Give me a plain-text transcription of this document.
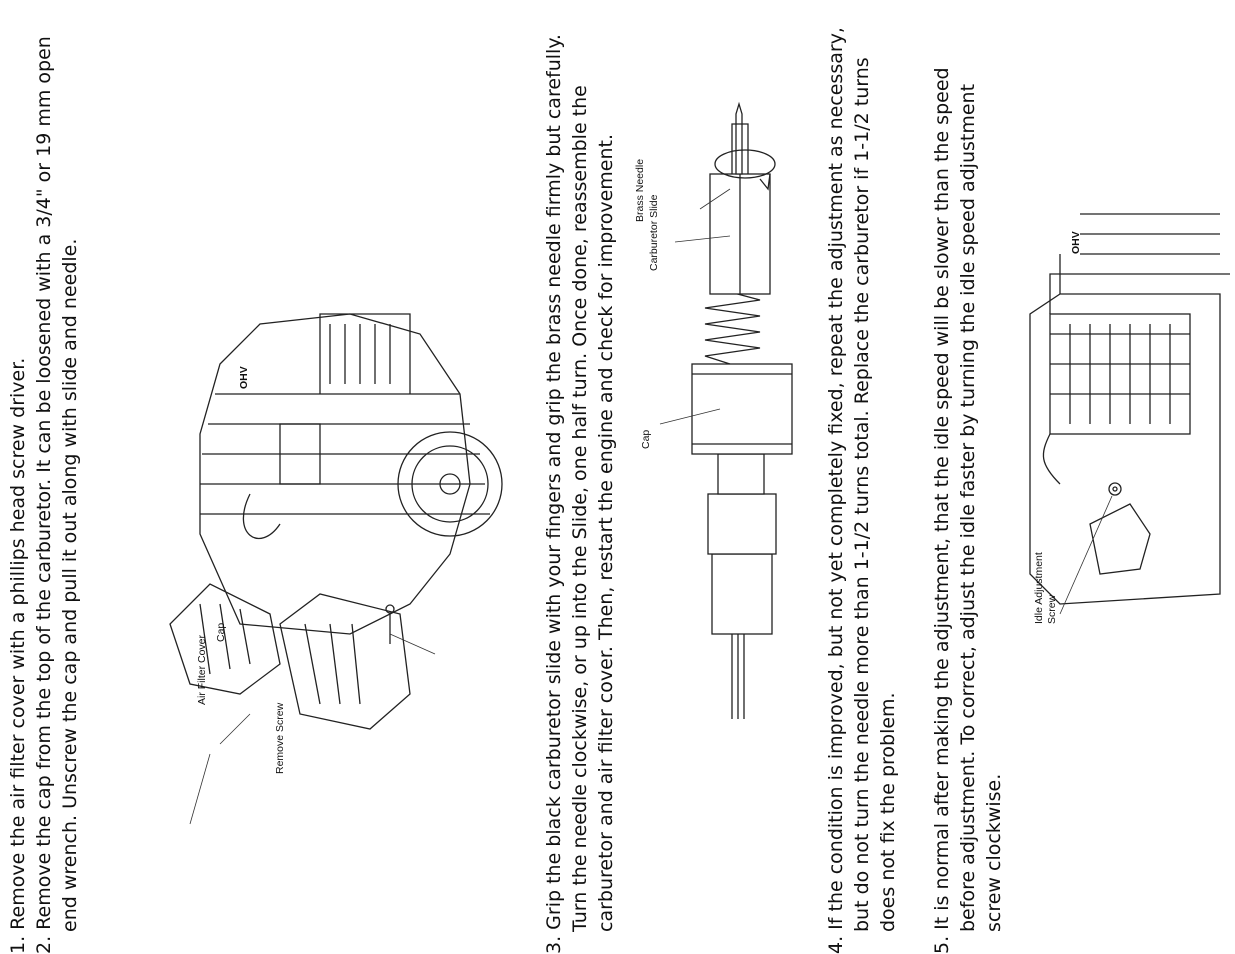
1. Remove the air filter cover with a phillips head screw driver. 2. Remove the cap from the top of the carburetor. It can be loosened with a 3/4" or 19 mm open end wrench. Unscrew the cap and pull it out along with slide and needle.	Cap
Air Filter Cover
Remove Screw
OHV	3. Grip the black carburetor slide with your fingers and grip the brass needle firmly but carefully. Turn the needle clockwise, or up into the Slide, one half turn. Once done, reassemble the carburetor and air filter cover. Then, restart the engine and check for improvement. Brass Needle
Carburetor Slide
Cap	4. If the condition is improved, but not yet completely fixed, repeat the adjustment as necessary, but do not turn the needle more than 1-1/2 turns total. Replace the carburetor if 1-1/2 turns does not fix the problem. 5. It is normal after making the adjustment, that the idle speed will be slower than the speed before adjustment. To correct, adjust the idle faster by turning the idle speed adjustment screw clockwise.
Idle Adjustment Screw
OHV
